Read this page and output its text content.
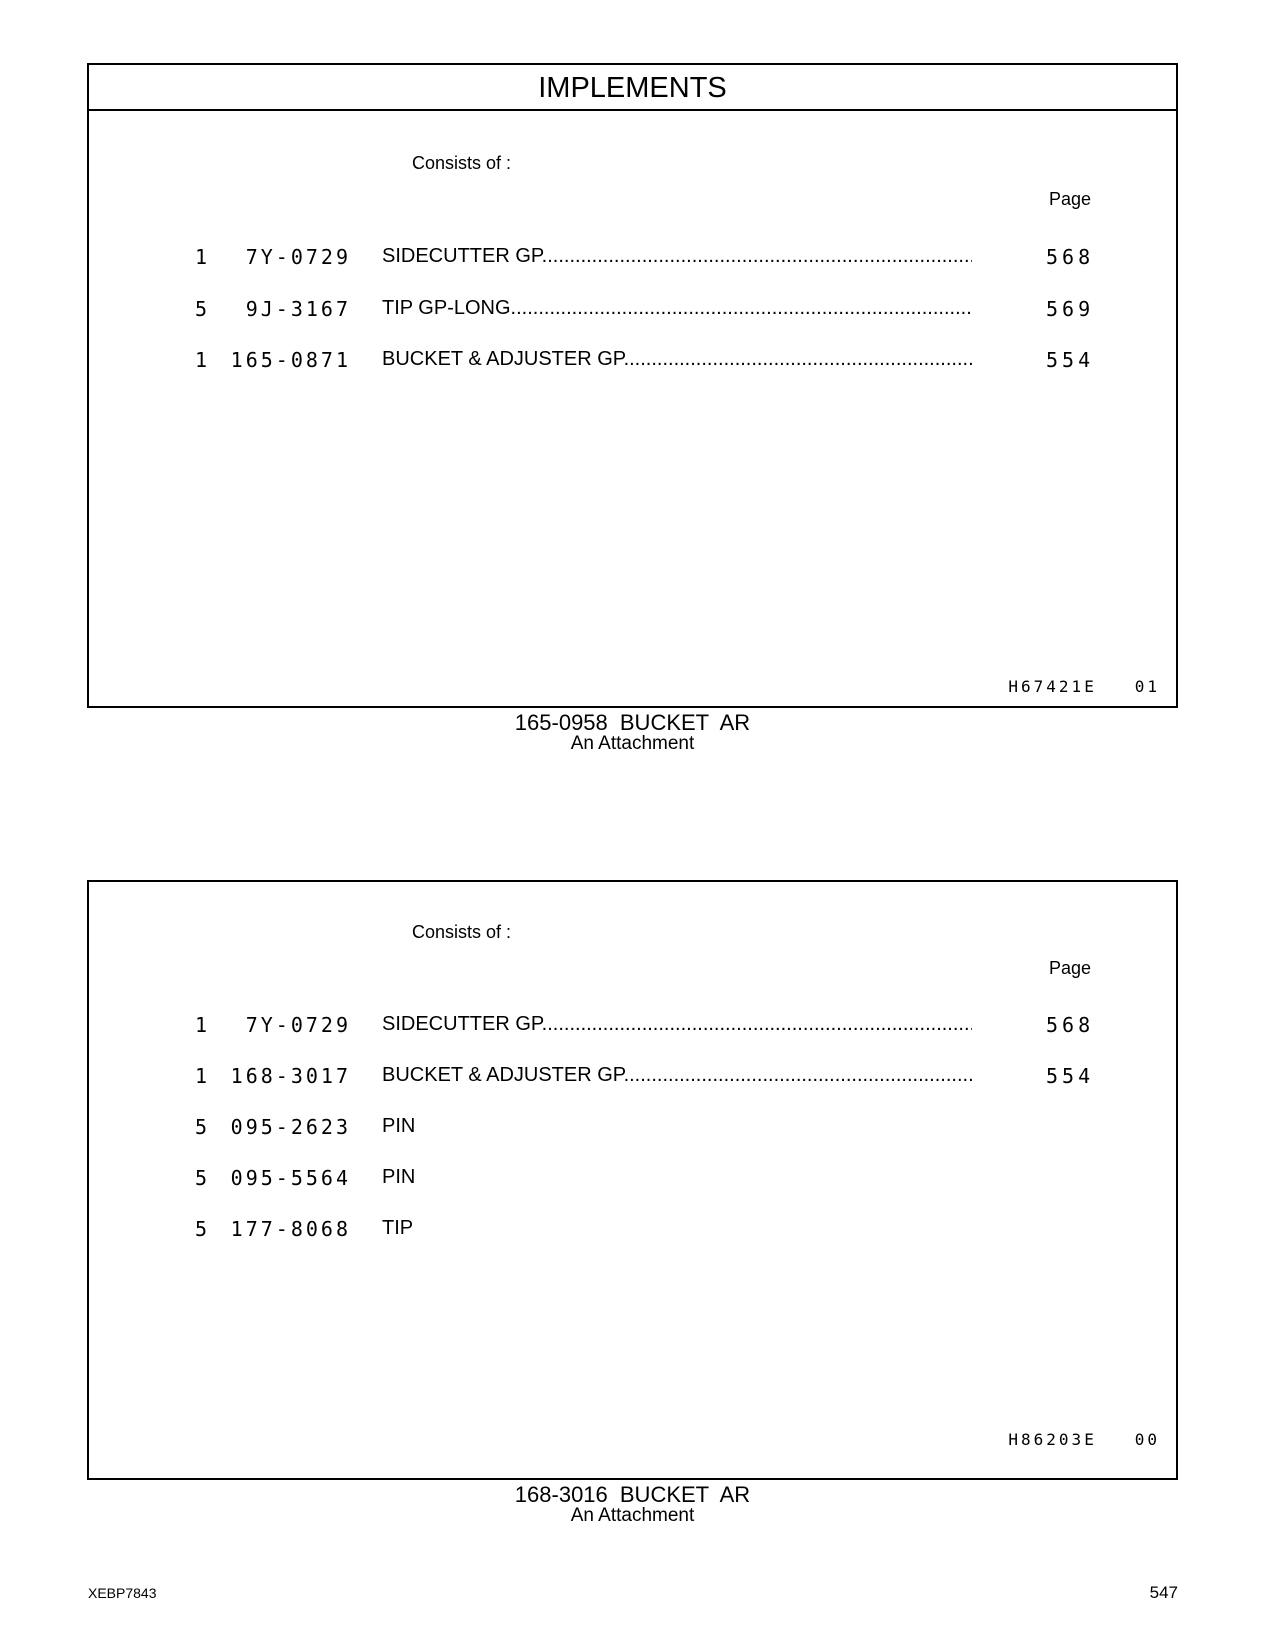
IMPLEMENTS
Consists of :
Page
1	7Y-0729 SIDECUTTER GP .....	568
5	9J-3167 TIP GP-LONG .....	569
1	165-0871 BUCKET & ADJUSTER GP .....	554
H67421E 01
165-0958 BUCKET AR
An Attachment
Consists of :
Page
1	7Y-0729 SIDECUTTER GP .....	568
1	168-3017 BUCKET & ADJUSTER GP .....	554
5	095-2623 PIN
5	095-5564 PIN
5	177-8068 TIP
H86203E 00
168-3016 BUCKET AR
An Attachment
XEBP7843	547
